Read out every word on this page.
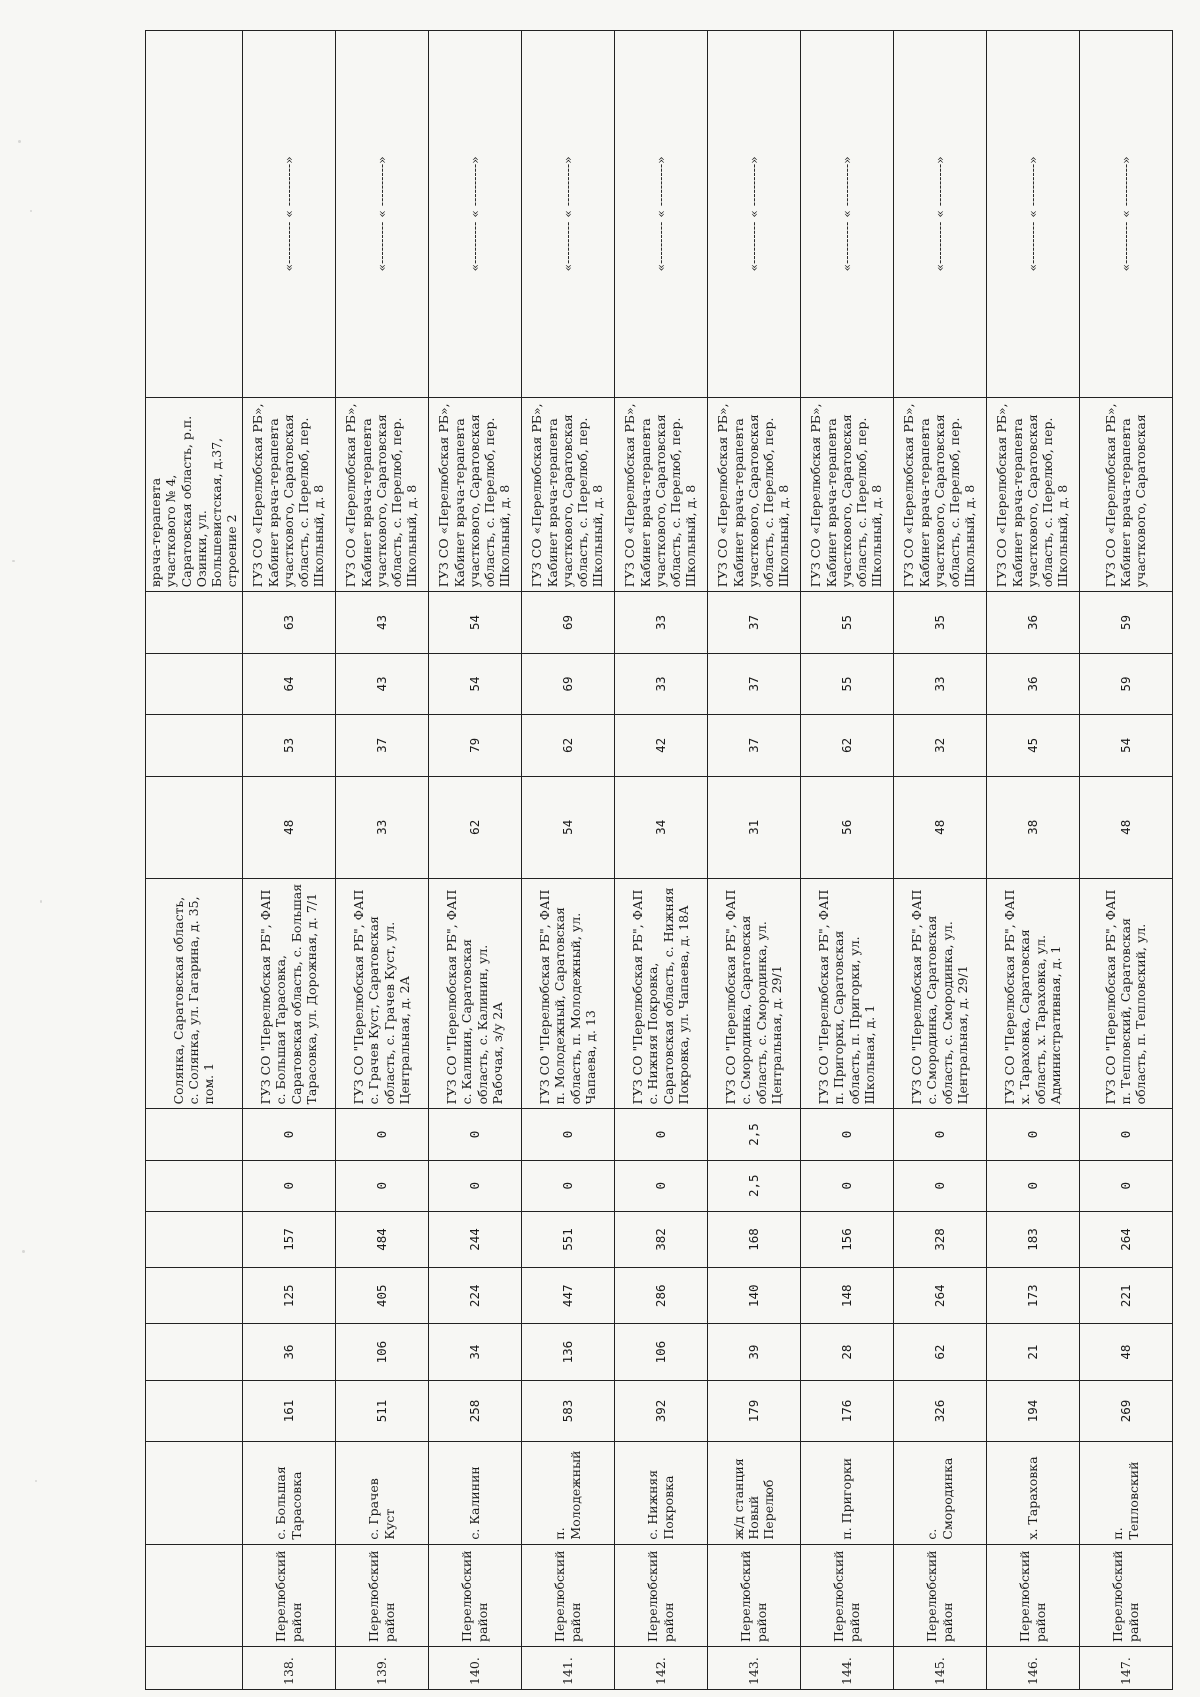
									Солянка, Саратовская область, с. Солянка, ул. Гагарина, д. 35, пом. 1					врача-терапевта участкового № 4, Саратовская область, р.п. Озинки, ул. Большевистская, д.37, строение 2	
138.	Перелюбский район	с. Большая Тарасовка	161	36	125	157	0	0	ГУЗ СО "Перелюбская РБ", ФАП с. Большая Тарасовка, Саратовская область, с. Большая Тарасовка, ул. Дорожная, д. 7/1	48	53	64	63	ГУЗ СО «Перелюбская РБ», Кабинет врача-терапевта участкового, Саратовская область, с. Перелюб, пер. Школьный, д. 8	«---------- « ----------»
139.	Перелюбский район	с. Грачев Куст	511	106	405	484	0	0	ГУЗ СО "Перелюбская РБ", ФАП с. Грачев Куст, Саратовская область, с. Грачев Куст, ул. Центральная, д. 2А	33	37	43	43	ГУЗ СО «Перелюбская РБ», Кабинет врача-терапевта участкового, Саратовская область, с. Перелюб, пер. Школьный, д. 8	«---------- « ----------»
140.	Перелюбский район	с. Калинин	258	34	224	244	0	0	ГУЗ СО "Перелюбская РБ", ФАП с. Калинин, Саратовская область, с. Калинин, ул. Рабочая, з/у 2А	62	79	54	54	ГУЗ СО «Перелюбская РБ», Кабинет врача-терапевта участкового, Саратовская область, с. Перелюб, пер. Школьный, д. 8	«---------- « ----------»
141.	Перелюбский район	п. Молодежный	583	136	447	551	0	0	ГУЗ СО "Перелюбская РБ", ФАП п. Молодежный, Саратовская область, п. Молодежный, ул. Чапаева, д. 13	54	62	69	69	ГУЗ СО «Перелюбская РБ», Кабинет врача-терапевта участкового, Саратовская область, с. Перелюб, пер. Школьный, д. 8	«---------- « ----------»
142.	Перелюбский район	с. Нижняя Покровка	392	106	286	382	0	0	ГУЗ СО "Перелюбская РБ", ФАП с. Нижняя Покровка, Саратовская область, с. Нижняя Покровка, ул. Чапаева, д. 18А	34	42	33	33	ГУЗ СО «Перелюбская РБ», Кабинет врача-терапевта участкового, Саратовская область, с. Перелюб, пер. Школьный, д. 8	«---------- « ----------»
143.	Перелюбский район	ж/д станция Новый Перелюб	179	39	140	168	2,5	2,5	ГУЗ СО "Перелюбская РБ", ФАП с. Смородинка, Саратовская область, с. Смородинка, ул. Центральная, д. 29/1	31	37	37	37	ГУЗ СО «Перелюбская РБ», Кабинет врача-терапевта участкового, Саратовская область, с. Перелюб, пер. Школьный, д. 8	«---------- « ----------»
144.	Перелюбский район	п. Пригорки	176	28	148	156	0	0	ГУЗ СО "Перелюбская РБ", ФАП п. Пригорки, Саратовская область, п. Пригорки, ул. Школьная, д. 1	56	62	55	55	ГУЗ СО «Перелюбская РБ», Кабинет врача-терапевта участкового, Саратовская область, с. Перелюб, пер. Школьный, д. 8	«---------- « ----------»
145.	Перелюбский район	с. Смородинка	326	62	264	328	0	0	ГУЗ СО "Перелюбская РБ", ФАП с. Смородинка, Саратовская область, с. Смородинка, ул. Центральная, д. 29/1	48	32	33	35	ГУЗ СО «Перелюбская РБ», Кабинет врача-терапевта участкового, Саратовская область, с. Перелюб, пер. Школьный, д. 8	«---------- « ----------»
146.	Перелюбский район	х. Тараховка	194	21	173	183	0	0	ГУЗ СО "Перелюбская РБ", ФАП х. Тараховка, Саратовская область, х. Тараховка, ул. Административная, д. 1	38	45	36	36	ГУЗ СО «Перелюбская РБ», Кабинет врача-терапевта участкового, Саратовская область, с. Перелюб, пер. Школьный, д. 8	«---------- « ----------»
147.	Перелюбский район	п. Тепловский	269	48	221	264	0	0	ГУЗ СО "Перелюбская РБ", ФАП п. Тепловский, Саратовская область, п. Тепловский, ул.	48	54	59	59	ГУЗ СО «Перелюбская РБ», Кабинет врача-терапевта участкового, Саратовская	«---------- « ----------»
